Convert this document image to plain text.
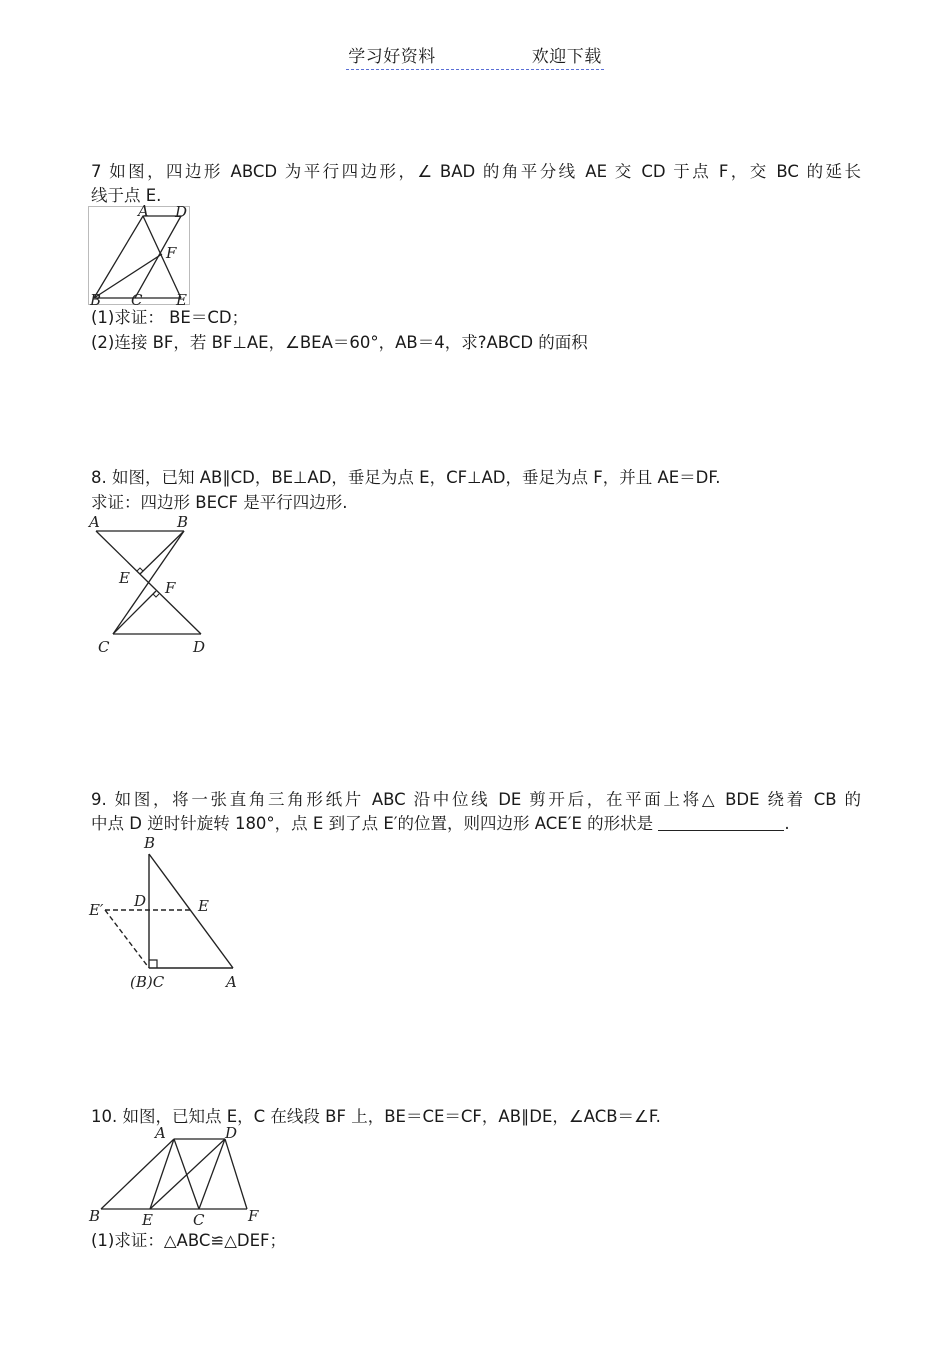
学习好资料	欢迎下载
7 如图，四边形 ABCD 为平行四边形，∠ BAD 的角平分线 AE 交 CD 于点 F，交 BC 的延长
线于点 E.
A D
F
B C E
(1)求证： BE＝CD；
(2)连接 BF，若 BF⊥AE，∠BEA＝60°，AB＝4，求?ABCD 的面积
8. 如图，已知 AB∥CD，BE⊥AD，垂足为点 E，CF⊥AD，垂足为点 F，并且 AE＝DF.
求证：四边形 BECF 是平行四边形.
A	B
E
F
C	D
9. 如图，将一张直角三角形纸片 ABC 沿中位线 DE 剪开后，在平面上将△ BDE 绕着 CB 的
中点 D 逆时针旋转 180°，点 E 到了点 E′的位置，则四边形 ACE′E 的形状是	.
B
D	E
E′
(B)C	A
10. 如图，已知点 E，C 在线段 BF 上，BE＝CE＝CF，AB∥DE，∠ACB＝∠F.
A	D
B	E	C	F
(1)求证：△ABC≌△DEF；
